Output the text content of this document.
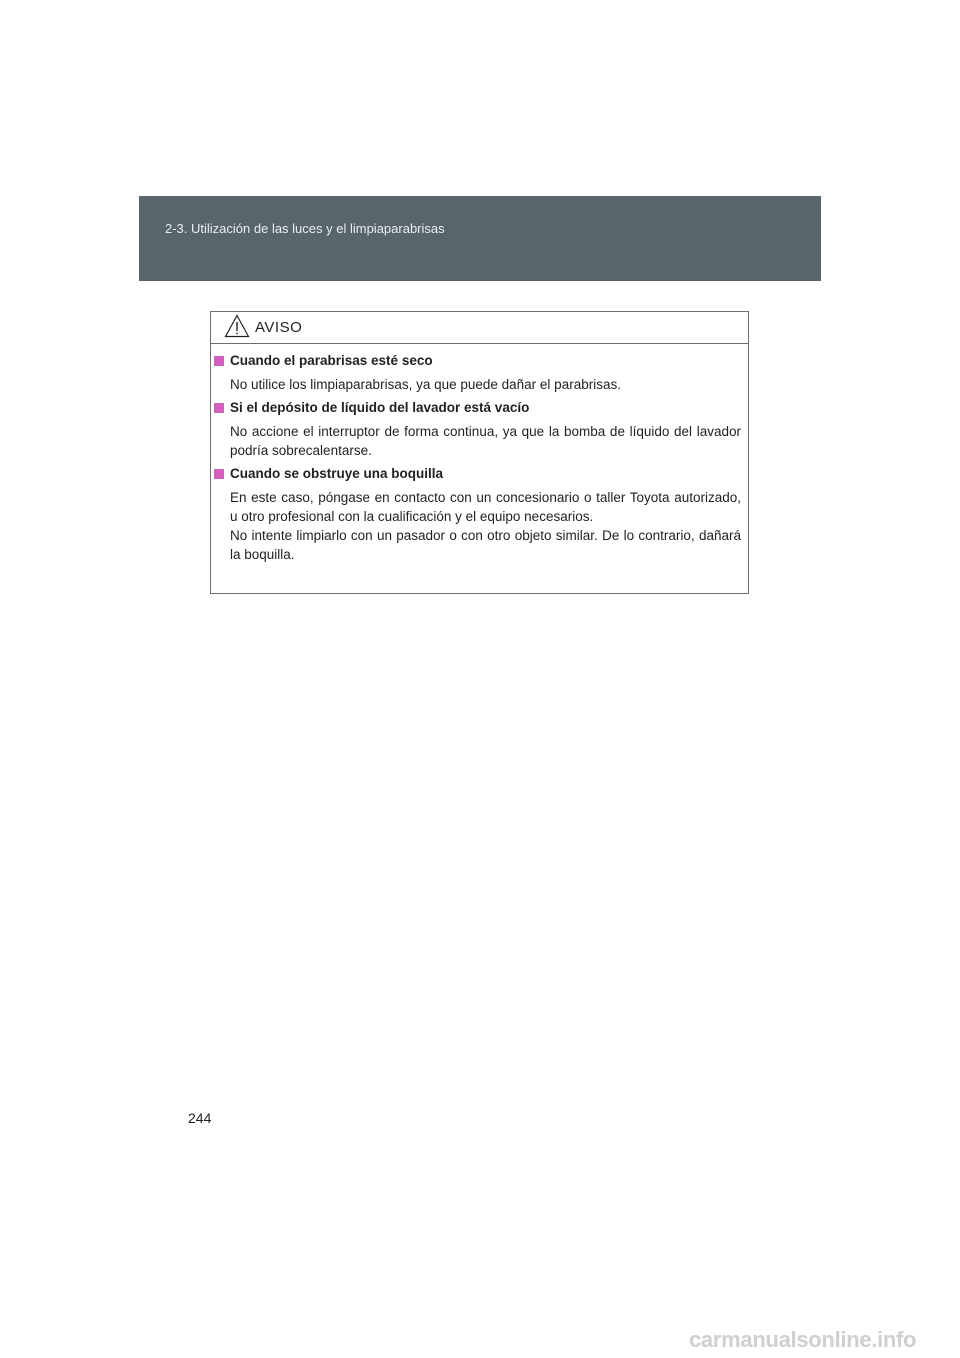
2-3. Utilización de las luces y el limpiaparabrisas
AVISO
Cuando el parabrisas esté seco

No utilice los limpiaparabrisas, ya que puede dañar el parabrisas.

Si el depósito de líquido del lavador está vacío

No accione el interruptor de forma continua, ya que la bomba de líquido del lavador podría sobrecalentarse.

Cuando se obstruye una boquilla

En este caso, póngase en contacto con un concesionario o taller Toyota autorizado, u otro profesional con la cualificación y el equipo necesarios.

No intente limpiarlo con un pasador o con otro objeto similar. De lo contrario, dañará la boquilla.

244
carmanualsonline.info
